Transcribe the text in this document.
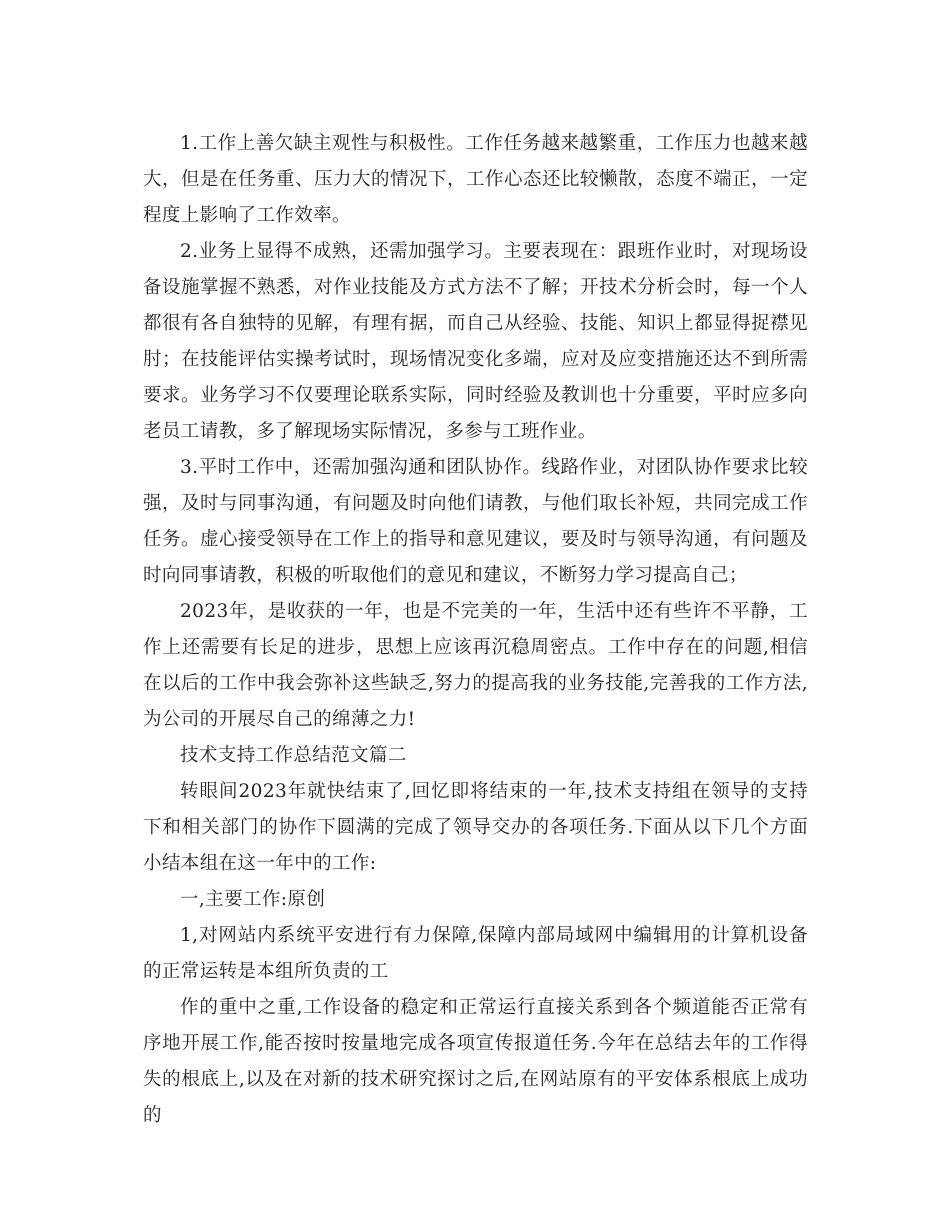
1.工作上善欠缺主观性与积极性。工作任务越来越繁重，工作压力也越来越大，但是在任务重、压力大的情况下，工作心态还比较懒散，态度不端正，一定程度上影响了工作效率。

2.业务上显得不成熟，还需加强学习。主要表现在：跟班作业时，对现场设备设施掌握不熟悉，对作业技能及方式方法不了解；开技术分析会时，每一个人都很有各自独特的见解，有理有据，而自己从经验、技能、知识上都显得捉襟见肘；在技能评估实操考试时，现场情况变化多端，应对及应变措施还达不到所需要求。业务学习不仅要理论联系实际，同时经验及教训也十分重要，平时应多向老员工请教，多了解现场实际情况，多参与工班作业。

3.平时工作中，还需加强沟通和团队协作。线路作业，对团队协作要求比较强，及时与同事沟通，有问题及时向他们请教，与他们取长补短，共同完成工作任务。虚心接受领导在工作上的指导和意见建议，要及时与领导沟通，有问题及时向同事请教，积极的听取他们的意见和建议，不断努力学习提高自己；

2023年，是收获的一年，也是不完美的一年，生活中还有些许不平静，工作上还需要有长足的进步，思想上应该再沉稳周密点。工作中存在的问题,相信在以后的工作中我会弥补这些缺乏,努力的提高我的业务技能,完善我的工作方法,为公司的开展尽自己的绵薄之力!

技术支持工作总结范文篇二

转眼间2023年就快结束了,回忆即将结束的一年,技术支持组在领导的支持下和相关部门的协作下圆满的完成了领导交办的各项任务.下面从以下几个方面小结本组在这一年中的工作:

一,主要工作:原创

1,对网站内系统平安进行有力保障,保障内部局域网中编辑用的计算机设备的正常运转是本组所负责的工

作的重中之重,工作设备的稳定和正常运行直接关系到各个频道能否正常有序地开展工作,能否按时按量地完成各项宣传报道任务.今年在总结去年的工作得失的根底上,以及在对新的技术研究探讨之后,在网站原有的平安体系根底上成功的
